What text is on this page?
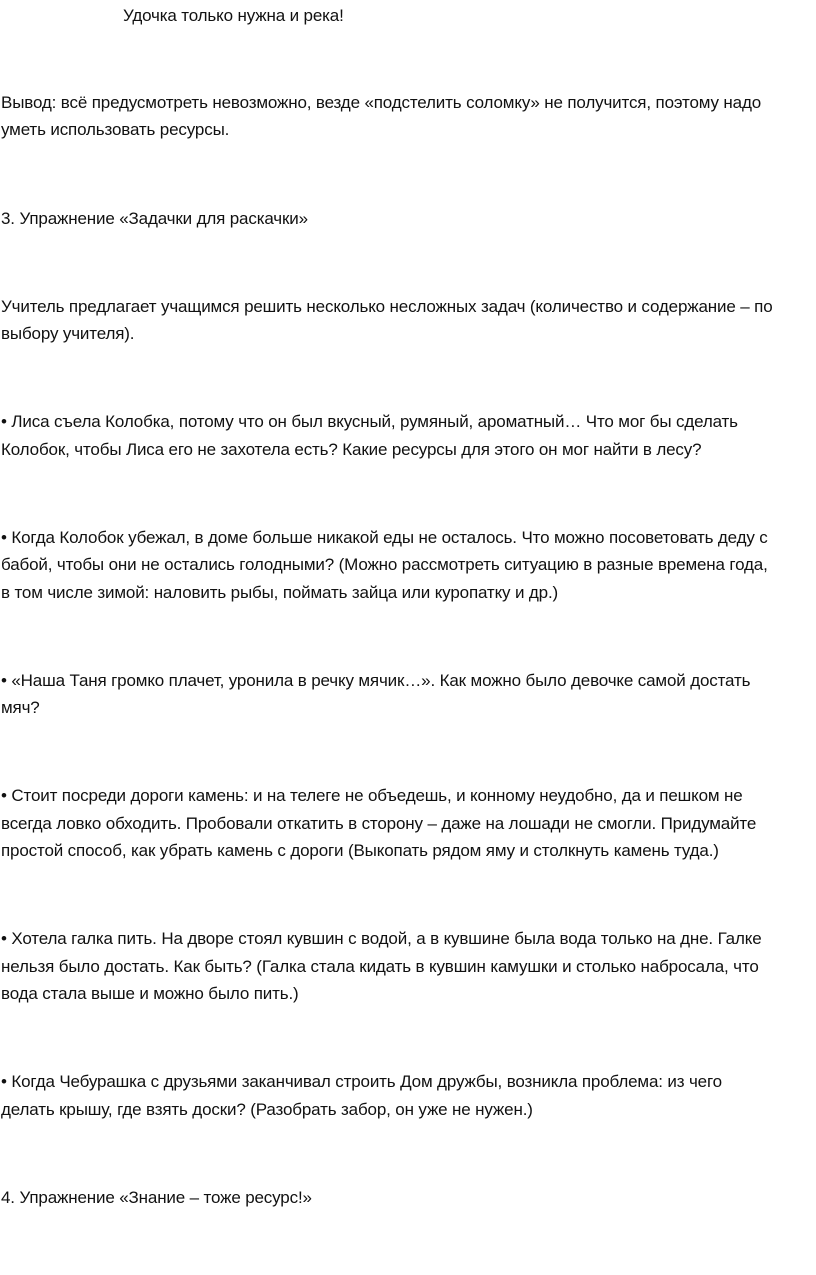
Удочка только нужна и река!
Вывод: всё предусмотреть невозможно, везде «подстелить соломку» не получится, поэтому надо
уметь использовать ресурсы.
3. Упражнение «Задачки для раскачки»
Учитель предлагает учащимся решить несколько несложных задач (количество и содержание – по
выбору учителя).
• Лиса съела Колобка, потому что он был вкусный, румяный, ароматный… Что мог бы сделать
Колобок, чтобы Лиса его не захотела есть? Какие ресурсы для этого он мог найти в лесу?
• Когда Колобок убежал, в доме больше никакой еды не осталось. Что можно посоветовать деду с
бабой, чтобы они не остались голодными? (Можно рассмотреть ситуацию в разные времена года,
в том числе зимой: наловить рыбы, поймать зайца или куропатку и др.)
• «Наша Таня громко плачет, уронила в речку мячик…». Как можно было девочке самой достать
мяч?
• Стоит посреди дороги камень: и на телеге не объедешь, и конному неудобно, да и пешком не
всегда ловко обходить. Пробовали откатить в сторону – даже на лошади не смогли. Придумайте
простой способ, как убрать камень с дороги (Выкопать рядом яму и столкнуть камень туда.)
• Хотела галка пить. На дворе стоял кувшин с водой, а в кувшине была вода только на дне. Галке
нельзя было достать. Как быть? (Галка стала кидать в кувшин камушки и столько набросала, что
вода стала выше и можно было пить.)
• Когда Чебурашка с друзьями заканчивал строить Дом дружбы, возникла проблема: из чего
делать крышу, где взять доски? (Разобрать забор, он уже не нужен.)
4. Упражнение «Знание – тоже ресурс!»
